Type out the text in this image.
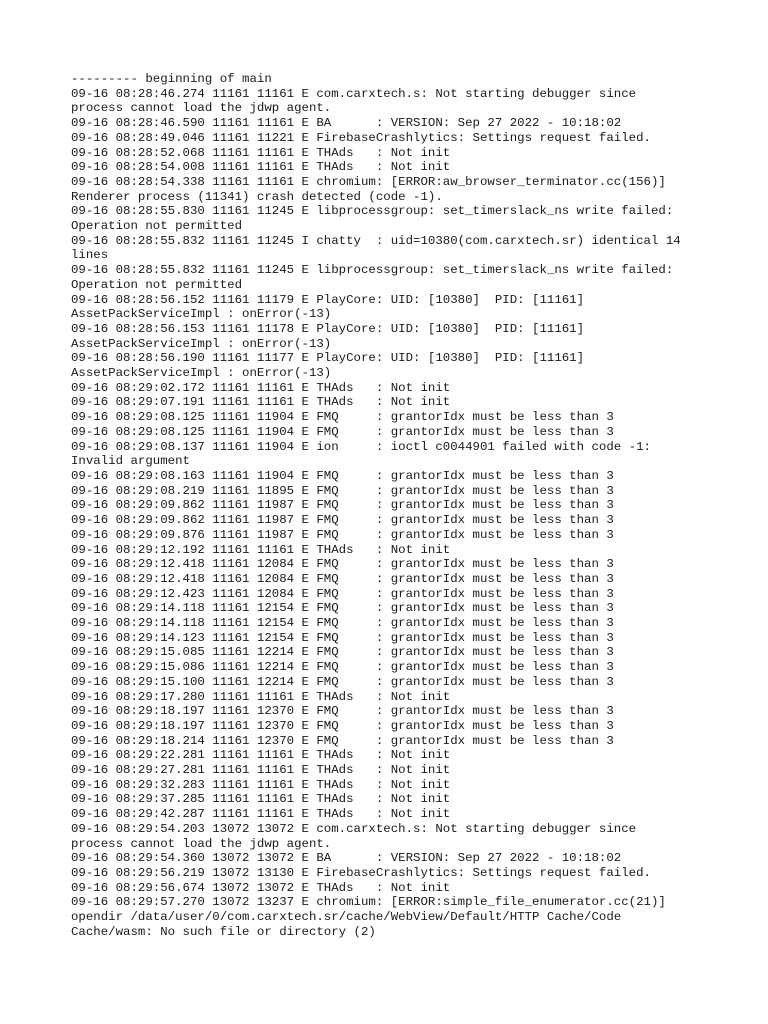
--------- beginning of main
09-16 08:28:46.274 11161 11161 E com.carxtech.s: Not starting debugger since
process cannot load the jdwp agent.
09-16 08:28:46.590 11161 11161 E BA      : VERSION: Sep 27 2022 - 10:18:02
09-16 08:28:49.046 11161 11221 E FirebaseCrashlytics: Settings request failed.
09-16 08:28:52.068 11161 11161 E THAds   : Not init
09-16 08:28:54.008 11161 11161 E THAds   : Not init
09-16 08:28:54.338 11161 11161 E chromium: [ERROR:aw_browser_terminator.cc(156)]
Renderer process (11341) crash detected (code -1).
09-16 08:28:55.830 11161 11245 E libprocessgroup: set_timerslack_ns write failed:
Operation not permitted
09-16 08:28:55.832 11161 11245 I chatty  : uid=10380(com.carxtech.sr) identical 14
lines
09-16 08:28:55.832 11161 11245 E libprocessgroup: set_timerslack_ns write failed:
Operation not permitted
09-16 08:28:56.152 11161 11179 E PlayCore: UID: [10380]  PID: [11161]
AssetPackServiceImpl : onError(-13)
09-16 08:28:56.153 11161 11178 E PlayCore: UID: [10380]  PID: [11161]
AssetPackServiceImpl : onError(-13)
09-16 08:28:56.190 11161 11177 E PlayCore: UID: [10380]  PID: [11161]
AssetPackServiceImpl : onError(-13)
09-16 08:29:02.172 11161 11161 E THAds   : Not init
09-16 08:29:07.191 11161 11161 E THAds   : Not init
09-16 08:29:08.125 11161 11904 E FMQ     : grantorIdx must be less than 3
09-16 08:29:08.125 11161 11904 E FMQ     : grantorIdx must be less than 3
09-16 08:29:08.137 11161 11904 E ion     : ioctl c0044901 failed with code -1:
Invalid argument
09-16 08:29:08.163 11161 11904 E FMQ     : grantorIdx must be less than 3
09-16 08:29:08.219 11161 11895 E FMQ     : grantorIdx must be less than 3
09-16 08:29:09.862 11161 11987 E FMQ     : grantorIdx must be less than 3
09-16 08:29:09.862 11161 11987 E FMQ     : grantorIdx must be less than 3
09-16 08:29:09.876 11161 11987 E FMQ     : grantorIdx must be less than 3
09-16 08:29:12.192 11161 11161 E THAds   : Not init
09-16 08:29:12.418 11161 12084 E FMQ     : grantorIdx must be less than 3
09-16 08:29:12.418 11161 12084 E FMQ     : grantorIdx must be less than 3
09-16 08:29:12.423 11161 12084 E FMQ     : grantorIdx must be less than 3
09-16 08:29:14.118 11161 12154 E FMQ     : grantorIdx must be less than 3
09-16 08:29:14.118 11161 12154 E FMQ     : grantorIdx must be less than 3
09-16 08:29:14.123 11161 12154 E FMQ     : grantorIdx must be less than 3
09-16 08:29:15.085 11161 12214 E FMQ     : grantorIdx must be less than 3
09-16 08:29:15.086 11161 12214 E FMQ     : grantorIdx must be less than 3
09-16 08:29:15.100 11161 12214 E FMQ     : grantorIdx must be less than 3
09-16 08:29:17.280 11161 11161 E THAds   : Not init
09-16 08:29:18.197 11161 12370 E FMQ     : grantorIdx must be less than 3
09-16 08:29:18.197 11161 12370 E FMQ     : grantorIdx must be less than 3
09-16 08:29:18.214 11161 12370 E FMQ     : grantorIdx must be less than 3
09-16 08:29:22.281 11161 11161 E THAds   : Not init
09-16 08:29:27.281 11161 11161 E THAds   : Not init
09-16 08:29:32.283 11161 11161 E THAds   : Not init
09-16 08:29:37.285 11161 11161 E THAds   : Not init
09-16 08:29:42.287 11161 11161 E THAds   : Not init
09-16 08:29:54.203 13072 13072 E com.carxtech.s: Not starting debugger since
process cannot load the jdwp agent.
09-16 08:29:54.360 13072 13072 E BA      : VERSION: Sep 27 2022 - 10:18:02
09-16 08:29:56.219 13072 13130 E FirebaseCrashlytics: Settings request failed.
09-16 08:29:56.674 13072 13072 E THAds   : Not init
09-16 08:29:57.270 13072 13237 E chromium: [ERROR:simple_file_enumerator.cc(21)]
opendir /data/user/0/com.carxtech.sr/cache/WebView/Default/HTTP Cache/Code
Cache/wasm: No such file or directory (2)
